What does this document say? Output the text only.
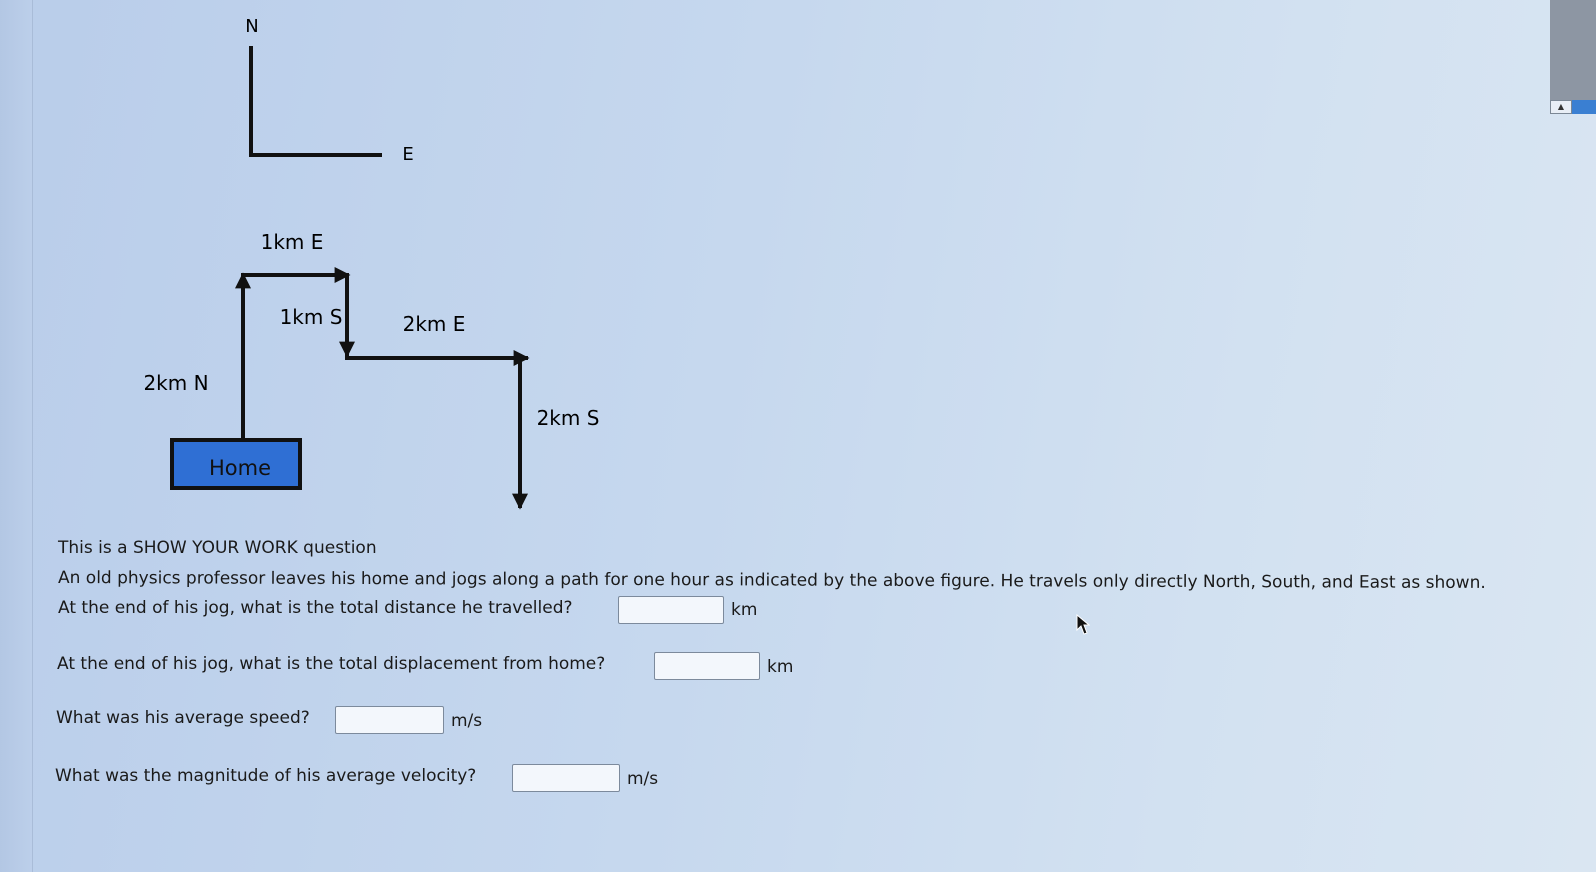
▲
N
E
2km N
1km E
1km S	2km E
2km S
Home
This is a SHOW YOUR WORK question
An old physics professor leaves his home and jogs along a path for one hour as indicated by the above figure. He travels only directly North, South, and East as shown.
At the end of his jog, what is the total distance he travelled?	km
At the end of his jog, what is the total displacement from home?	km
What was his average speed?	m/s
What was the magnitude of his average velocity?	m/s
